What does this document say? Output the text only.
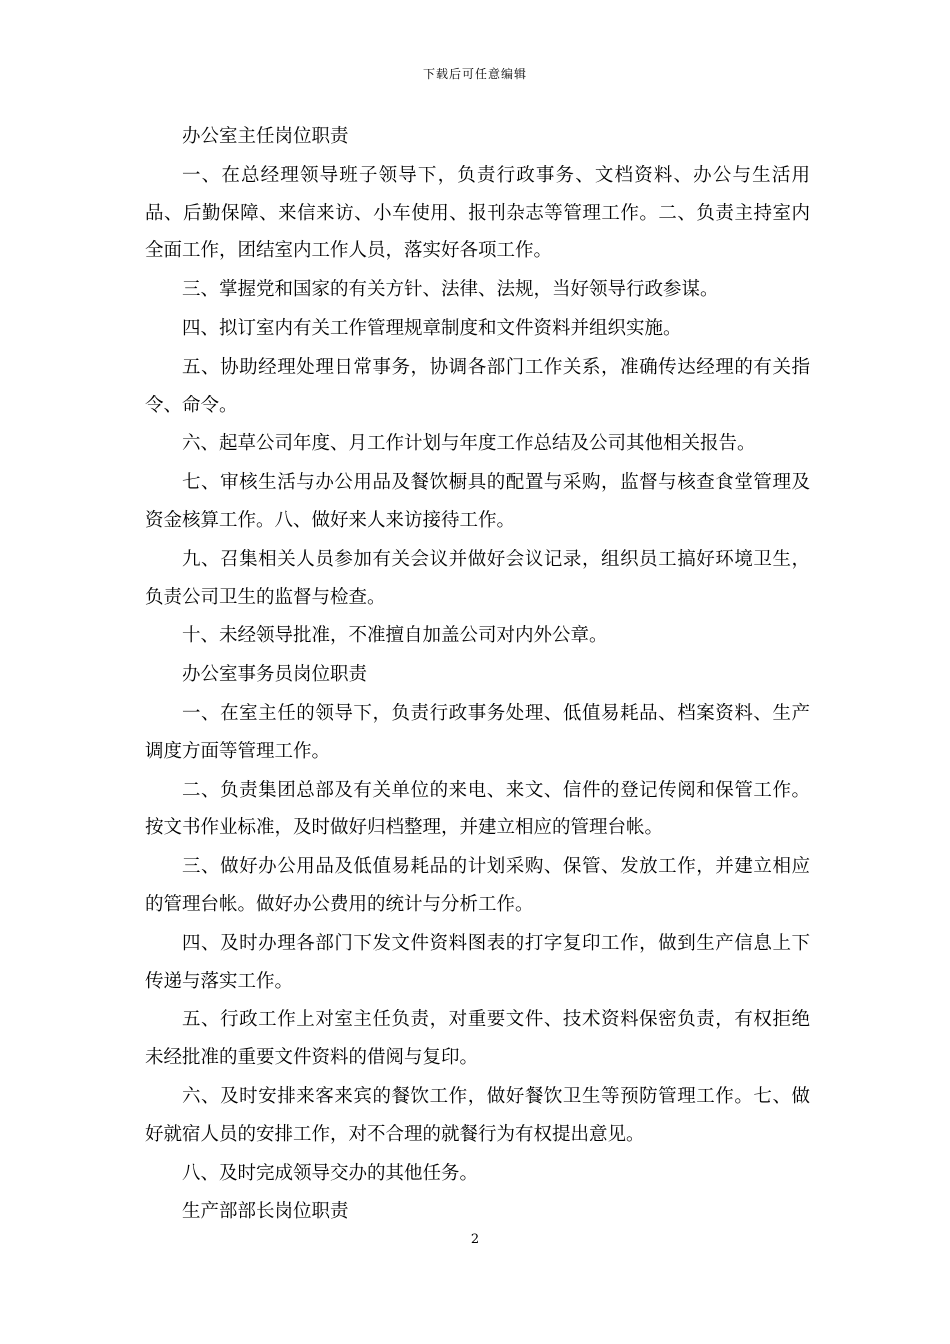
下载后可任意编辑

办公室主任岗位职责

一、在总经理领导班子领导下，负责行政事务、文档资料、办公与生活用品、后勤保障、来信来访、小车使用、报刊杂志等管理工作。二、负责主持室内全面工作，团结室内工作人员，落实好各项工作。

三、掌握党和国家的有关方针、法律、法规，当好领导行政参谋。

四、拟订室内有关工作管理规章制度和文件资料并组织实施。

五、协助经理处理日常事务，协调各部门工作关系，准确传达经理的有关指令、命令。

六、起草公司年度、月工作计划与年度工作总结及公司其他相关报告。

七、审核生活与办公用品及餐饮橱具的配置与采购，监督与核查食堂管理及资金核算工作。八、做好来人来访接待工作。

九、召集相关人员参加有关会议并做好会议记录，组织员工搞好环境卫生，负责公司卫生的监督与检查。

十、未经领导批准，不准擅自加盖公司对内外公章。

办公室事务员岗位职责

一、在室主任的领导下，负责行政事务处理、低值易耗品、档案资料、生产调度方面等管理工作。

二、负责集团总部及有关单位的来电、来文、信件的登记传阅和保管工作。按文书作业标准，及时做好归档整理，并建立相应的管理台帐。

三、做好办公用品及低值易耗品的计划采购、保管、发放工作，并建立相应的管理台帐。做好办公费用的统计与分析工作。

四、及时办理各部门下发文件资料图表的打字复印工作，做到生产信息上下传递与落实工作。

五、行政工作上对室主任负责，对重要文件、技术资料保密负责，有权拒绝未经批准的重要文件资料的借阅与复印。

六、及时安排来客来宾的餐饮工作，做好餐饮卫生等预防管理工作。七、做好就宿人员的安排工作，对不合理的就餐行为有权提出意见。

八、及时完成领导交办的其他任务。

生产部部长岗位职责

2
